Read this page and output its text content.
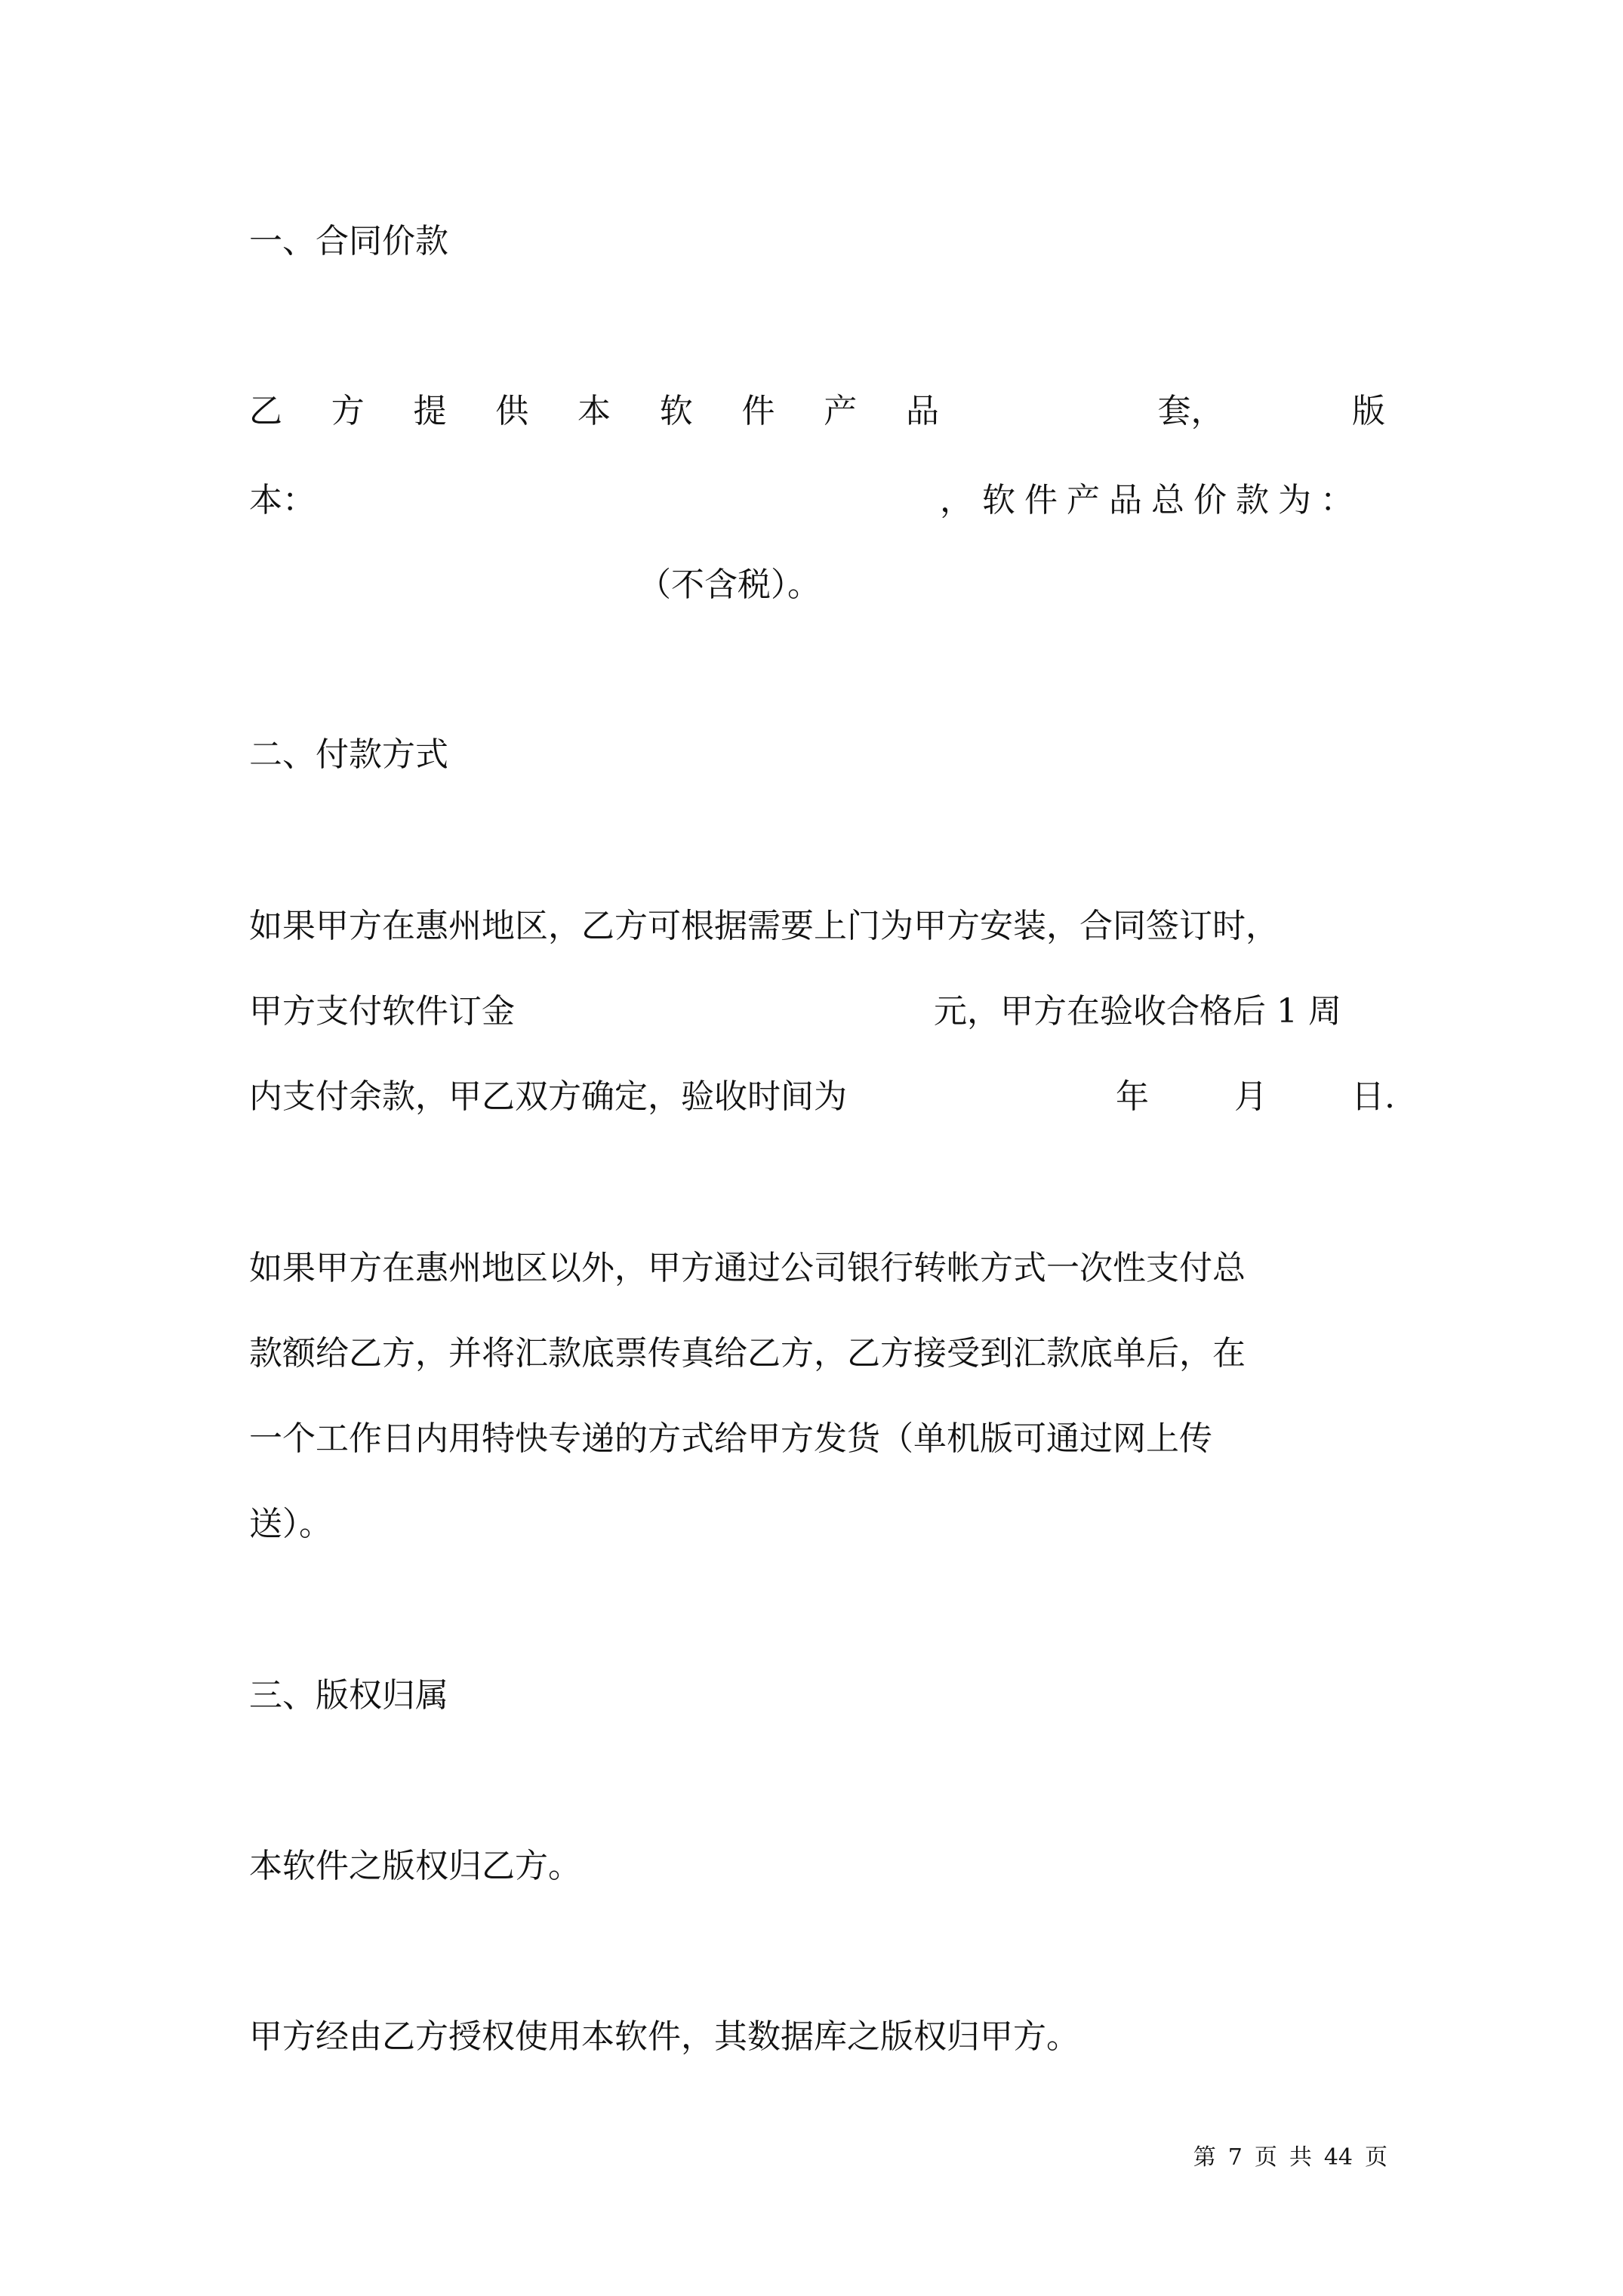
一、合同价款
乙 方 提 供 本 软 件 产 品	套，	版
本：	，软件产品总价款为：
（不含税）。
二、付款方式
如果甲方在惠州地区，乙方可根据需要上门为甲方安装，合同签订时，
甲方支付软件订金	元，甲方在验收合格后 1 周
内支付余款，甲乙双方确定，验收时间为	年	月	日.
如果甲方在惠州地区以外，甲方通过公司银行转帐方式一次性支付总
款额给乙方，并将汇款底票传真给乙方，乙方接受到汇款底单后，在
一个工作日内用特快专递的方式给甲方发货（单机版可通过网上传
送）。
三、版权归属
本软件之版权归乙方。
甲方经由乙方授权使用本软件，其数据库之版权归甲方。
第 7 页 共 44 页
